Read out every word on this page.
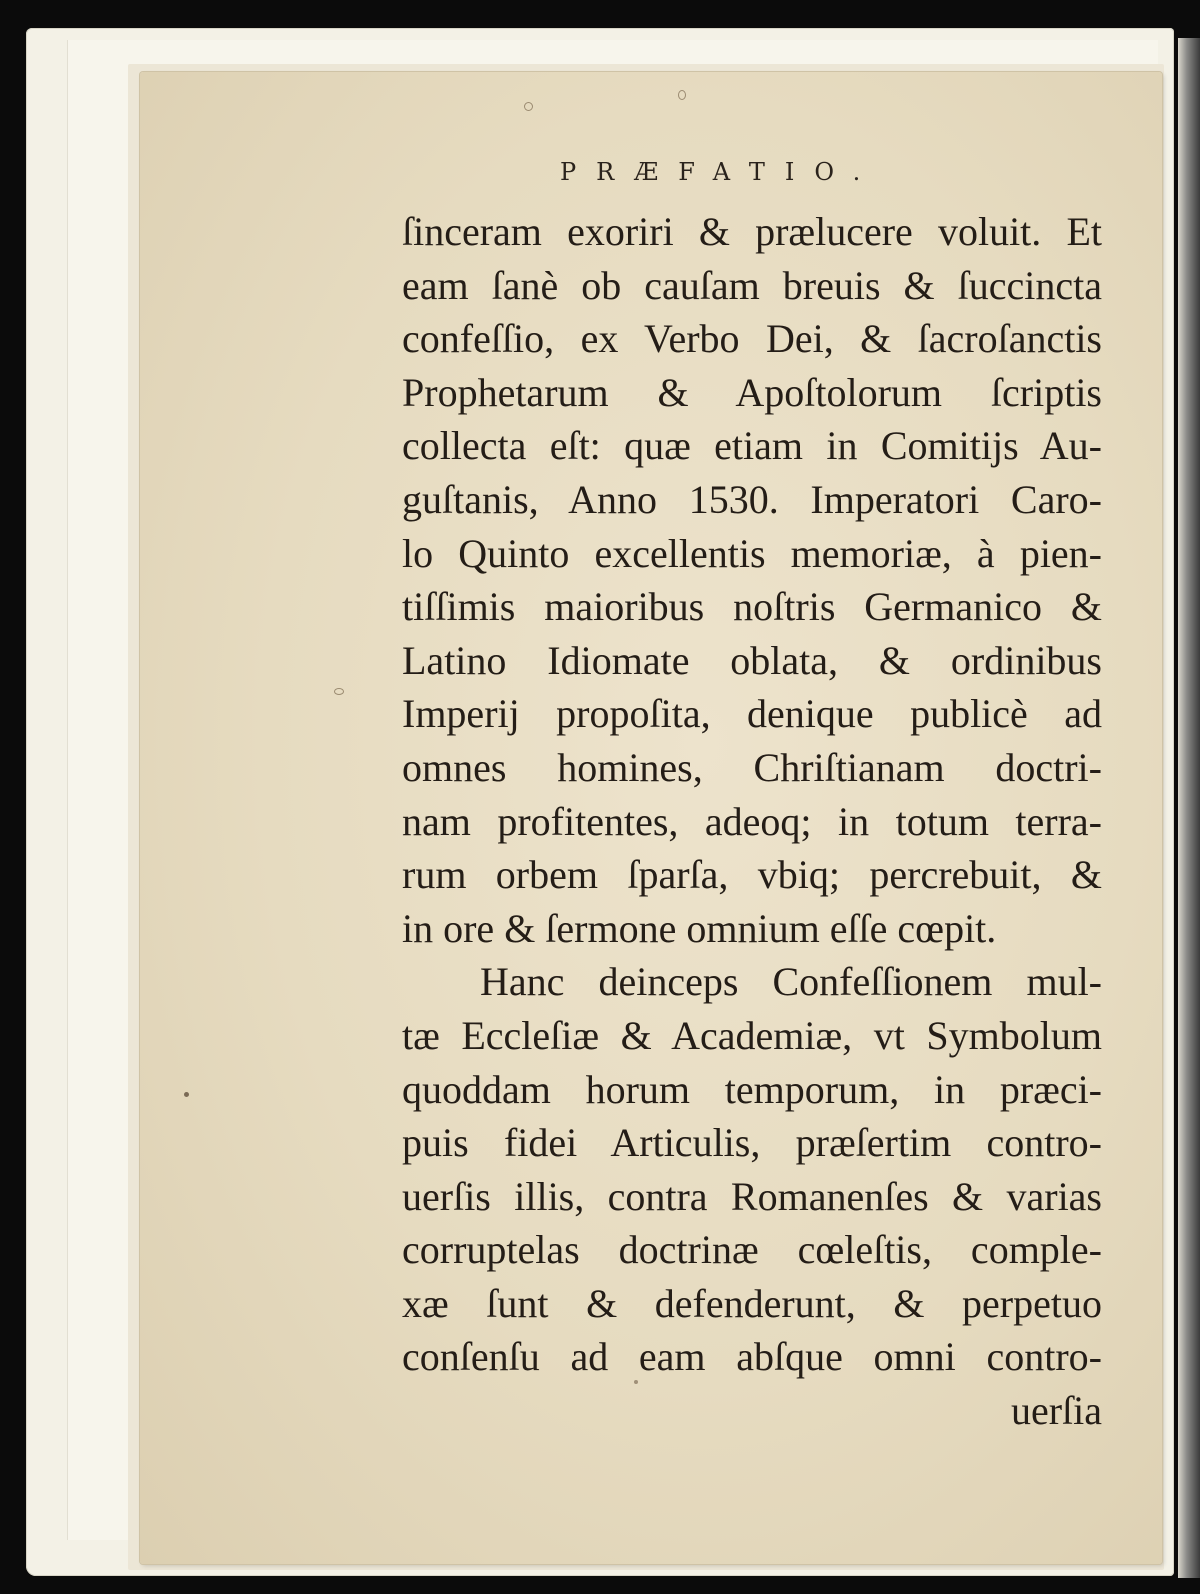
PRÆFATIO.
ſinceram exoriri & prælucere voluit. Et
eam ſanè ob cauſam breuis & ſuccincta
confeſſio, ex Verbo Dei, & ſacroſanctis
Prophetarum & Apoſtolorum ſcriptis
collecta eſt: quæ etiam in Comitijs Au-
guſtanis, Anno 1530. Imperatori Caro-
lo Quinto excellentis memoriæ, à pien-
tiſſimis maioribus noſtris Germanico &
Latino Idiomate oblata, & ordinibus
Imperij propoſita, denique publicè ad
omnes homines, Chriſtianam doctri-
nam profitentes, adeoq; in totum terra-
rum orbem ſparſa, vbiq; percrebuit, &
in ore & ſermone omnium eſſe cœpit.
Hanc deinceps Confeſſionem mul-
tæ Eccleſiæ & Academiæ, vt Symbolum
quoddam horum temporum, in præci-
puis fidei Articulis, præſertim contro-
uerſis illis, contra Romanenſes & varias
corruptelas doctrinæ cœleſtis, comple-
xæ ſunt & defenderunt, & perpetuo
conſenſu ad eam abſque omni contro-
uerſia
